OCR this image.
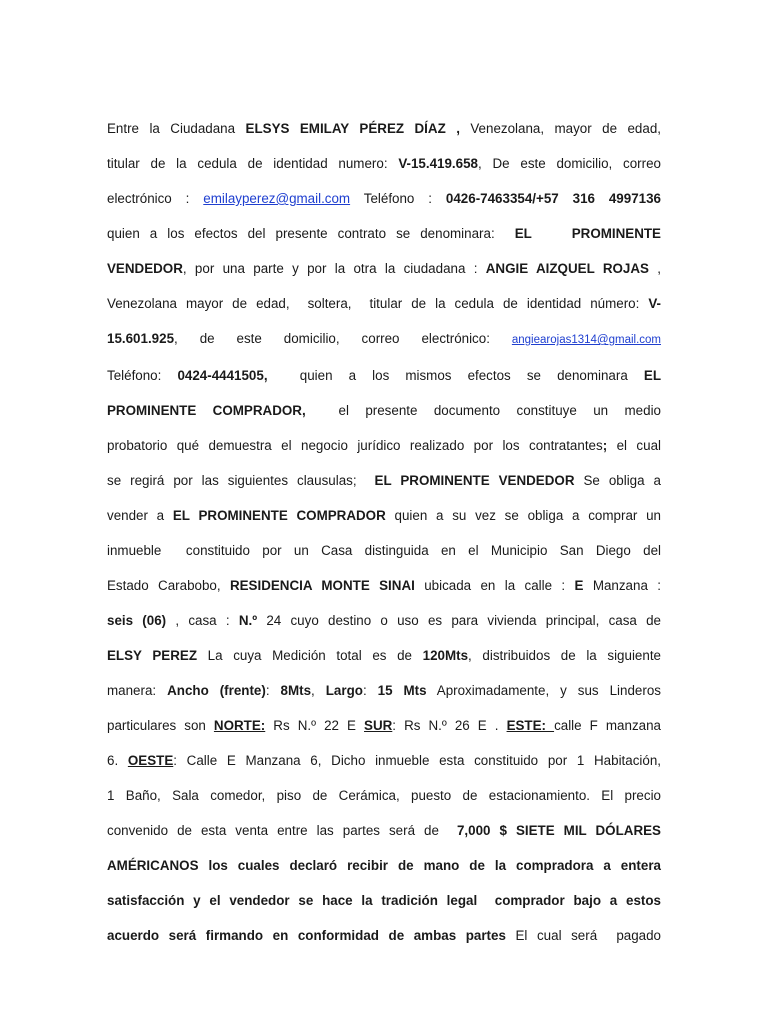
Entre la Ciudadana ELSYS EMILAY PÉREZ DÍAZ , Venezolana, mayor de edad,
titular de la cedula de identidad numero: V-15.419.658, De este domicilio, correo
electrónico : emilayperez@gmail.com Teléfono : 0426-7463354/+57 316 4997136
quien a los efectos del presente contrato se denominara:  EL    PROMINENTE
VENDEDOR, por una parte y por la otra la ciudadana : ANGIE AIZQUEL ROJAS ,
Venezolana mayor de edad,  soltera,  titular de la cedula de identidad número: V-
15.601.925, de este domicilio, correo electrónico: angiearojas1314@gmail.com
Teléfono: 0424-4441505,  quien a los mismos efectos se denominara EL
PROMINENTE COMPRADOR,  el presente documento constituye un medio
probatorio qué demuestra el negocio jurídico realizado por los contratantes; el cual
se regirá por las siguientes clausulas;  EL PROMINENTE VENDEDOR Se obliga a
vender a EL PROMINENTE COMPRADOR quien a su vez se obliga a comprar un
inmueble  constituido por un Casa distinguida en el Municipio San Diego del
Estado Carabobo, RESIDENCIA MONTE SINAI ubicada en la calle : E Manzana :
seis (06) , casa : N.º 24 cuyo destino o uso es para vivienda principal, casa de
ELSY PEREZ La cuya Medición total es de 120Mts, distribuidos de la siguiente
manera: Ancho (frente): 8Mts, Largo: 15 Mts Aproximadamente, y sus Linderos
particulares son NORTE: Rs N.º 22 E SUR: Rs N.º 26 E . ESTE: calle F manzana
6. OESTE: Calle E Manzana 6, Dicho inmueble esta constituido por 1 Habitación,
1 Baño, Sala comedor, piso de Cerámica, puesto de estacionamiento. El precio
convenido de esta venta entre las partes será de  7,000 $ SIETE MIL DÓLARES
AMÉRICANOS los cuales declaró recibir de mano de la compradora a entera
satisfacción y el vendedor se hace la tradición legal  comprador bajo a estos
acuerdo será firmando en conformidad de ambas partes El cual será  pagado
